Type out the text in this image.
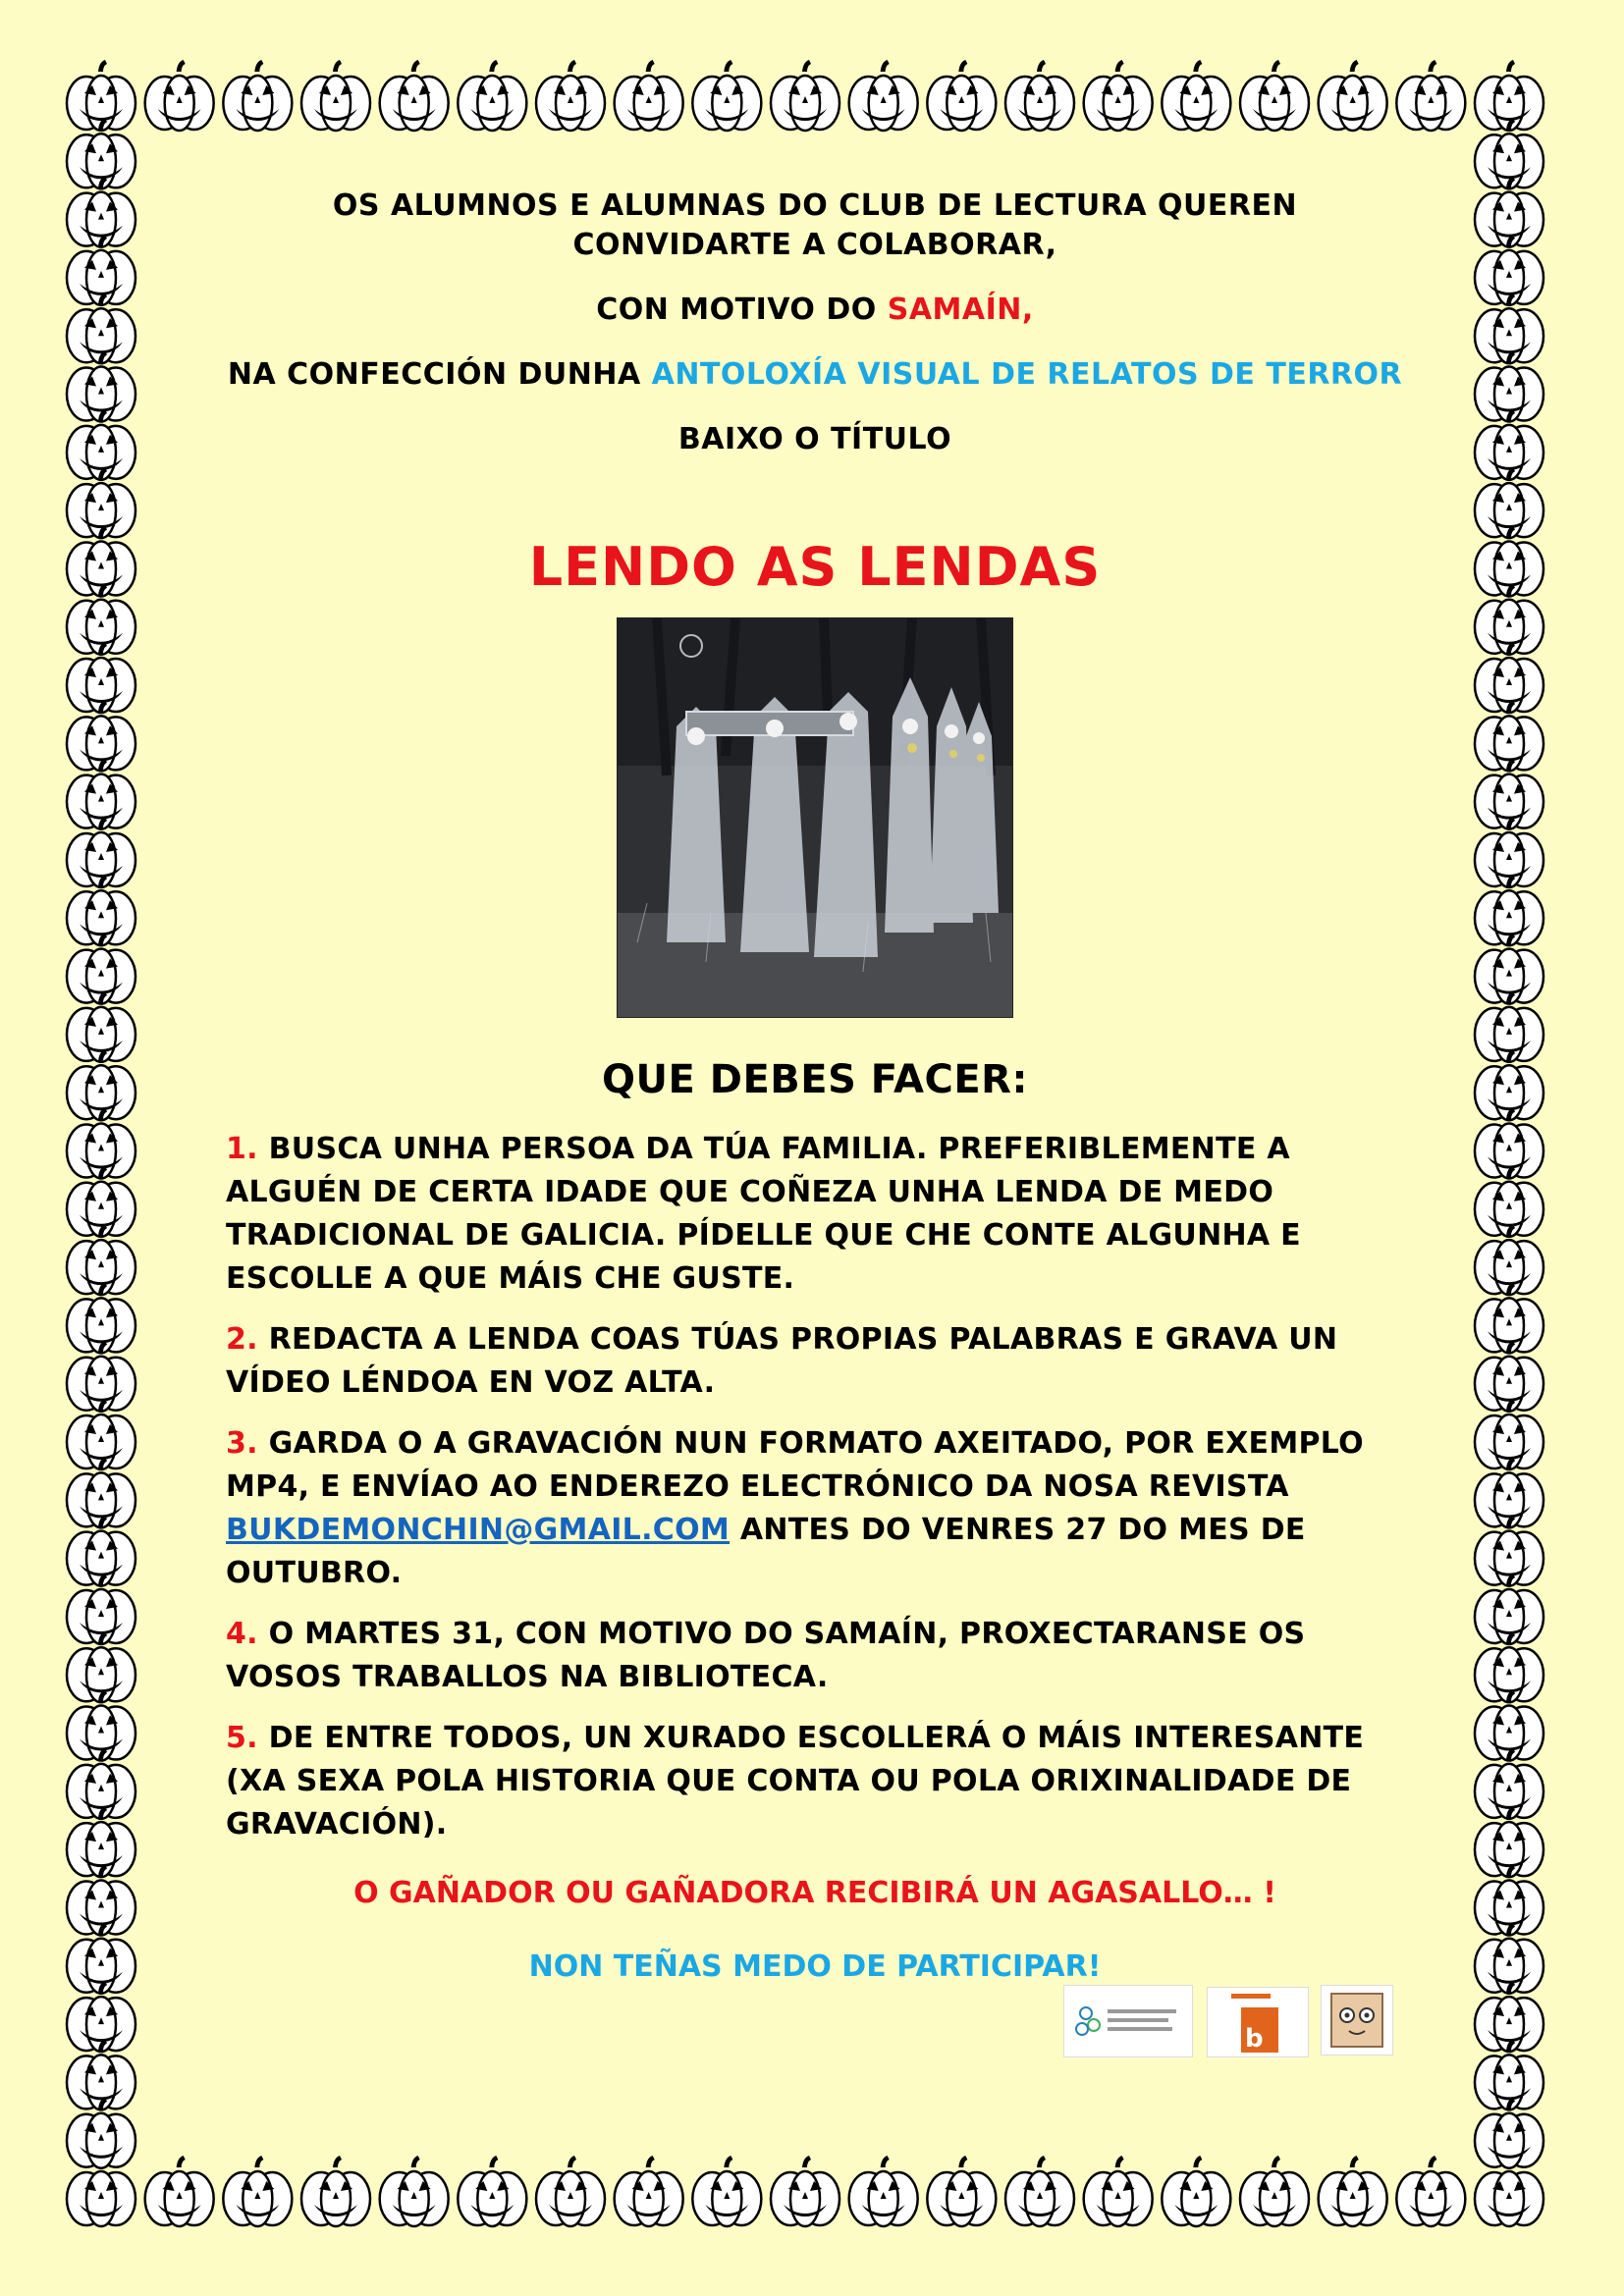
OS ALUMNOS E ALUMNAS DO CLUB DE LECTURA QUEREN CONVIDARTE A COLABORAR,

CON MOTIVO DO SAMAÍN,

NA CONFECCIÓN DUNHA ANTOLOXÍA VISUAL DE RELATOS DE TERROR

BAIXO O TÍTULO

LENDO AS LENDAS
QUE DEBES FACER:

1. BUSCA UNHA PERSOA DA TÚA FAMILIA. PREFERIBLEMENTE A ALGUÉN DE CERTA IDADE QUE COÑEZA UNHA LENDA DE MEDO TRADICIONAL DE GALICIA. PÍDELLE QUE CHE CONTE ALGUNHA E ESCOLLE A QUE MÁIS CHE GUSTE.

2. REDACTA A LENDA COAS TÚAS PROPIAS PALABRAS E GRAVA UN VÍDEO LÉNDOA EN VOZ ALTA.

3. GARDA O A GRAVACIÓN NUN FORMATO AXEITADO, POR EXEMPLO MP4, E ENVÍAO AO ENDEREZO ELECTRÓNICO DA NOSA REVISTA BUKDEMONCHIN@GMAIL.COM ANTES DO VENRES 27 DO MES DE OUTUBRO.

4. O MARTES 31, CON MOTIVO DO SAMAÍN, PROXECTARANSE OS VOSOS TRABALLOS NA BIBLIOTECA.

5. DE ENTRE TODOS, UN XURADO ESCOLLERÁ O MÁIS INTERESANTE (XA SEXA POLA HISTORIA QUE CONTA OU POLA ORIXINALIDADE DE GRAVACIÓN).

O GAÑADOR OU GAÑADORA RECIBIRÁ UN AGASALLO… !

NON TEÑAS MEDO DE PARTICIPAR!

b
